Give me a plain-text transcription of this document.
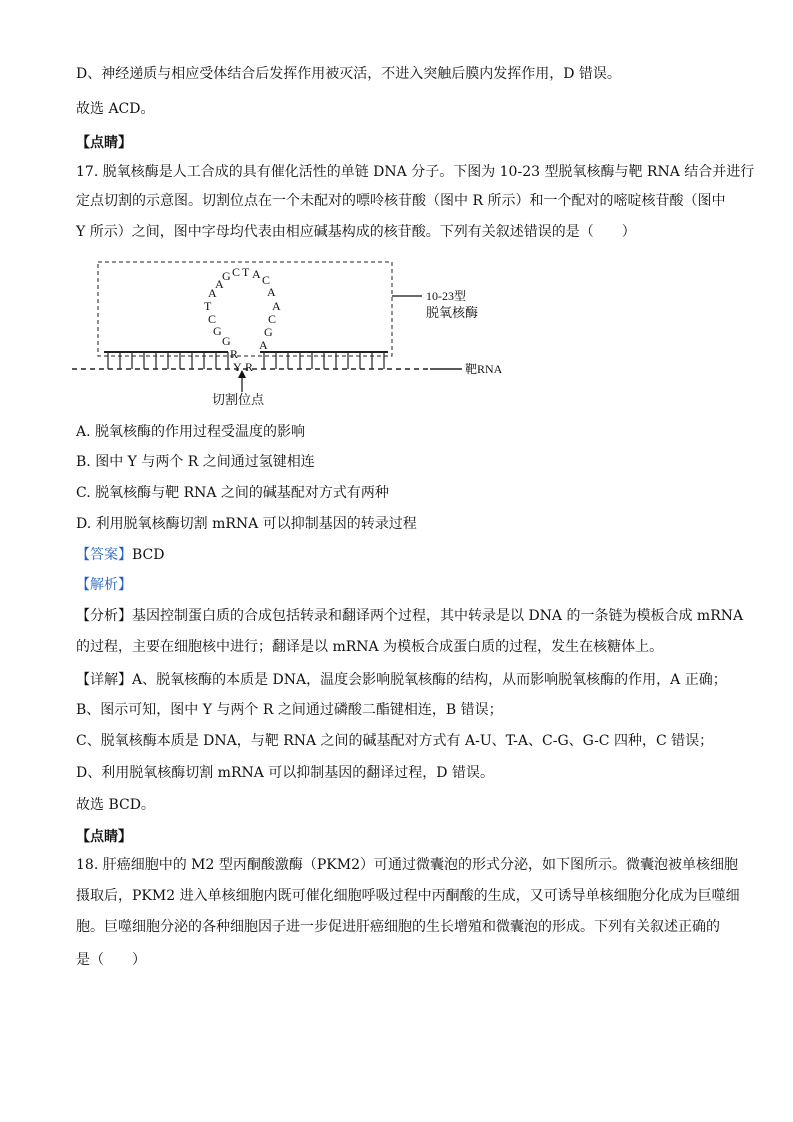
D、神经递质与相应受体结合后发挥作用被灭活，不进入突触后膜内发挥作用，D 错误。
故选 ACD。
【点睛】
17. 脱氧核酶是人工合成的具有催化活性的单链 DNA 分子。下图为 10-23 型脱氧核酶与靶 RNA 结合并进行
定点切割的示意图。切割位点在一个未配对的嘌呤核苷酸（图中 R 所示）和一个配对的嘧啶核苷酸（图中
Y 所示）之间，图中字母均代表由相应碱基构成的核苷酸。下列有关叙述错误的是（　　）
G C T A C
A
A
C
G
G
T
C
A
A
A
R
R
Y
G
10-23型
脱氧核酶
靶RNA
切割位点
A. 脱氧核酶的作用过程受温度的影响
B. 图中 Y 与两个 R 之间通过氢键相连
C. 脱氧核酶与靶 RNA 之间的碱基配对方式有两种
D. 利用脱氧核酶切割 mRNA 可以抑制基因的转录过程
【答案】BCD
【解析】
【分析】基因控制蛋白质的合成包括转录和翻译两个过程，其中转录是以 DNA 的一条链为模板合成 mRNA
的过程，主要在细胞核中进行；翻译是以 mRNA 为模板合成蛋白质的过程，发生在核糖体上。
【详解】A、脱氧核酶的本质是 DNA，温度会影响脱氧核酶的结构，从而影响脱氧核酶的作用，A 正确；
B、图示可知，图中 Y 与两个 R 之间通过磷酸二酯键相连，B 错误；
C、脱氧核酶本质是 DNA，与靶 RNA 之间的碱基配对方式有 A-U、T-A、C-G、G-C 四种，C 错误；
D、利用脱氧核酶切割 mRNA 可以抑制基因的翻译过程，D 错误。
故选 BCD。
【点睛】
18. 肝癌细胞中的 M2 型丙酮酸激酶（PKM2）可通过微囊泡的形式分泌，如下图所示。微囊泡被单核细胞
摄取后，PKM2 进入单核细胞内既可催化细胞呼吸过程中丙酮酸的生成，又可诱导单核细胞分化成为巨噬细
胞。巨噬细胞分泌的各种细胞因子进一步促进肝癌细胞的生长增殖和微囊泡的形成。下列有关叙述正确的
是（　　）
